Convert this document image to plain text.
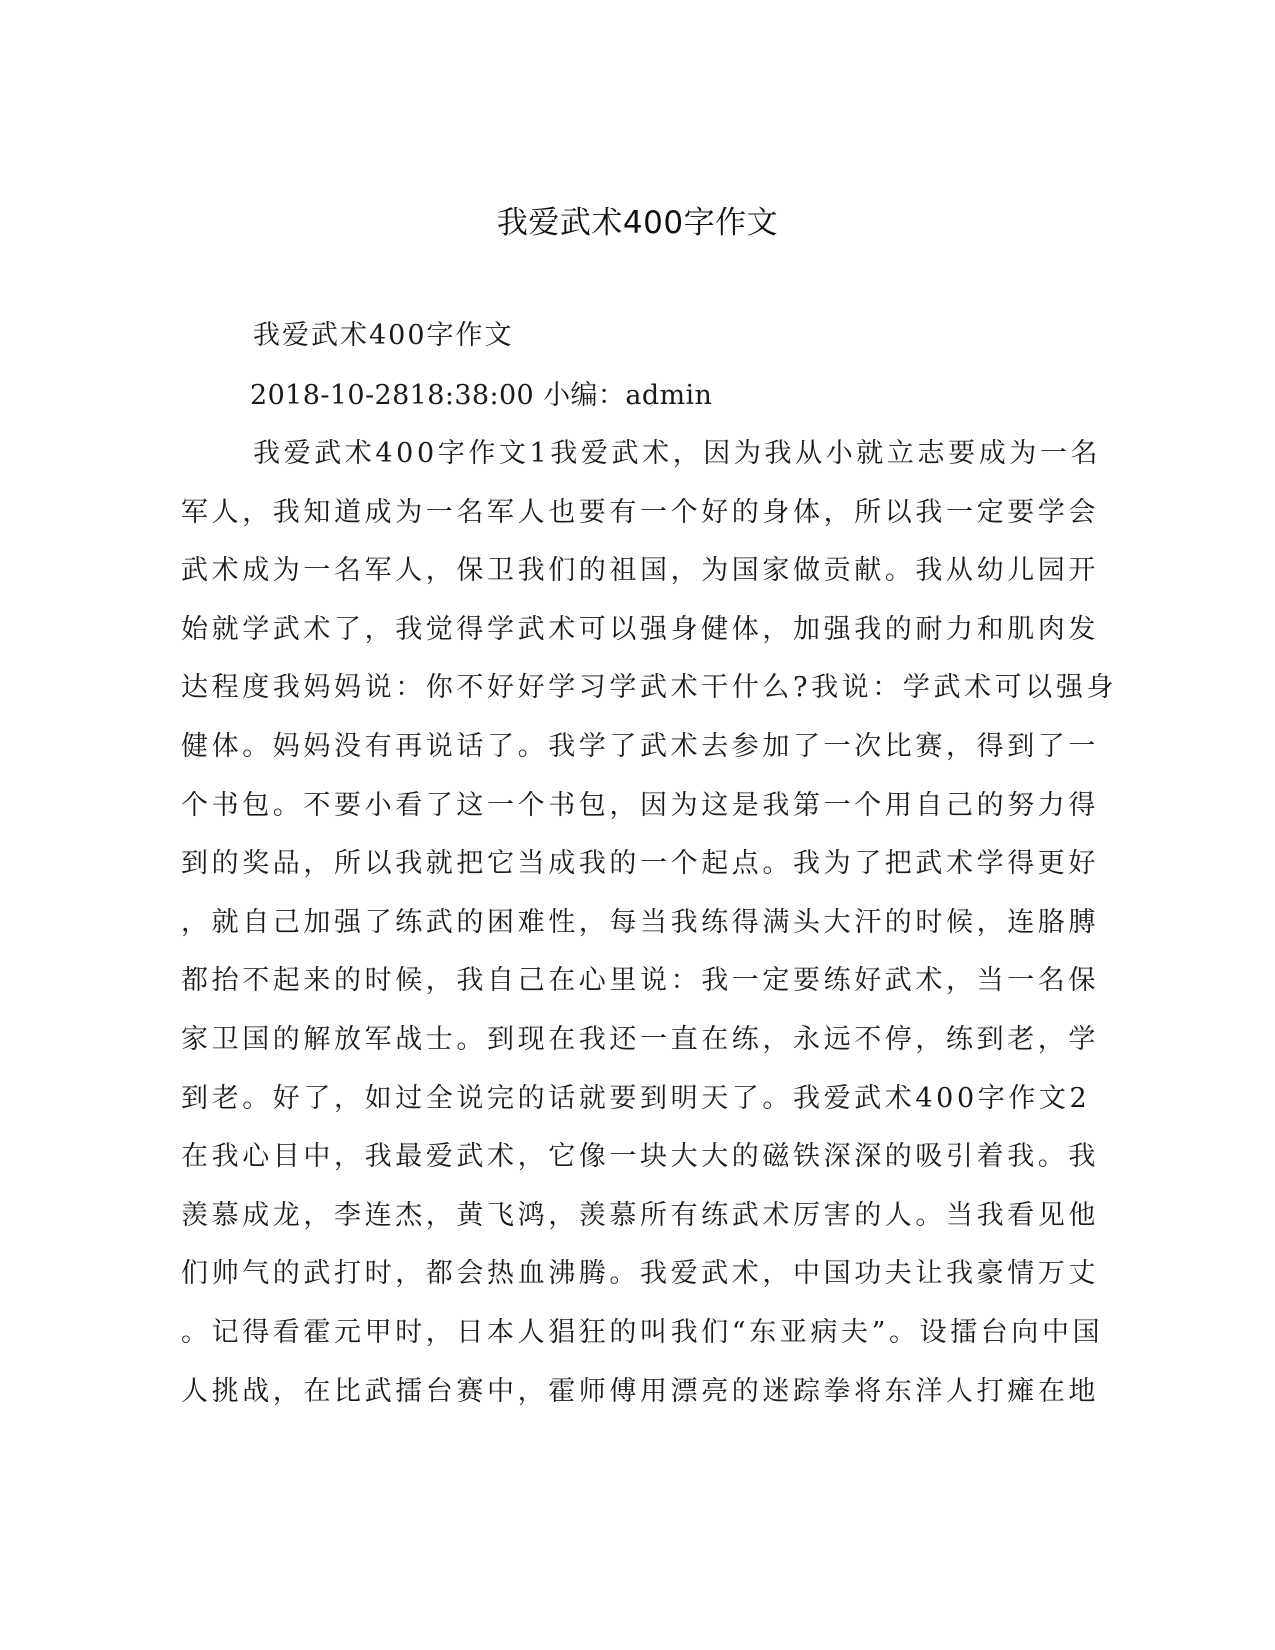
我爱武术400字作文
我爱武术400字作文
2018-10-2818:38:00 小编：admin
我爱武术400字作文1我爱武术，因为我从小就立志要成为一名
军人，我知道成为一名军人也要有一个好的身体，所以我一定要学会
武术成为一名军人，保卫我们的祖国，为国家做贡献。我从幼儿园开
始就学武术了，我觉得学武术可以强身健体，加强我的耐力和肌肉发
达程度我妈妈说：你不好好学习学武术干什么?我说：学武术可以强身
健体。妈妈没有再说话了。我学了武术去参加了一次比赛，得到了一
个书包。不要小看了这一个书包，因为这是我第一个用自己的努力得
到的奖品，所以我就把它当成我的一个起点。我为了把武术学得更好
，就自己加强了练武的困难性，每当我练得满头大汗的时候，连胳膊
都抬不起来的时候，我自己在心里说：我一定要练好武术，当一名保
家卫国的解放军战士。到现在我还一直在练，永远不停，练到老，学
到老。好了，如过全说完的话就要到明天了。我爱武术400字作文2
在我心目中，我最爱武术，它像一块大大的磁铁深深的吸引着我。我
羡慕成龙，李连杰，黄飞鸿，羡慕所有练武术厉害的人。当我看见他
们帅气的武打时，都会热血沸腾。我爱武术，中国功夫让我豪情万丈
。记得看霍元甲时，日本人猖狂的叫我们“东亚病夫”。设擂台向中国
人挑战，在比武擂台赛中，霍师傅用漂亮的迷踪拳将东洋人打瘫在地
